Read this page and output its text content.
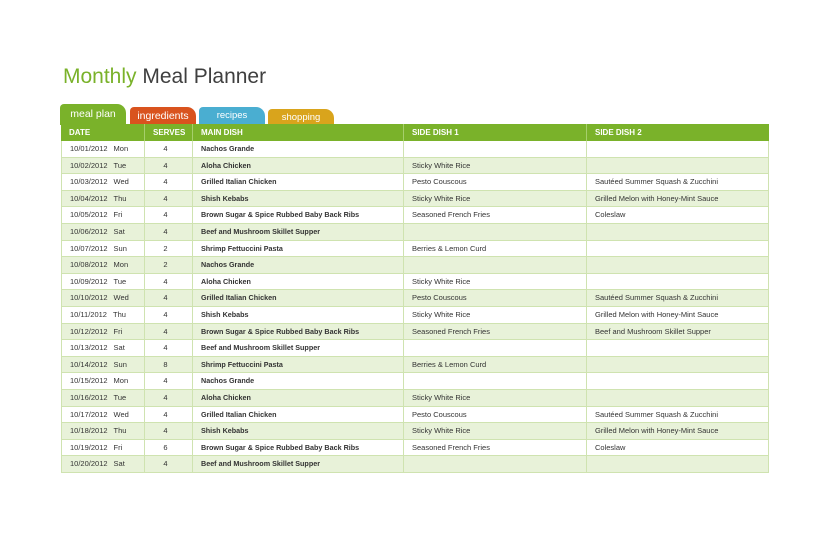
Monthly Meal Planner
meal plan	ingredients	recipes	shopping
DATE	SERVES	MAIN DISH	SIDE DISH 1	SIDE DISH 2
10/01/2012 Mon	4	Nachos Grande
10/02/2012 Tue	4	Aloha Chicken	Sticky White Rice
10/03/2012 Wed	4	Grilled Italian Chicken	Pesto Couscous	Sautéed Summer Squash & Zucchini
10/04/2012 Thu	4	Shish Kebabs	Sticky White Rice	Grilled Melon with Honey-Mint Sauce
10/05/2012 Fri	4	Brown Sugar & Spice Rubbed Baby Back Ribs	Seasoned French Fries	Coleslaw
10/06/2012 Sat	4	Beef and Mushroom Skillet Supper
10/07/2012 Sun	2	Shrimp Fettuccini Pasta	Berries & Lemon Curd
10/08/2012 Mon	2	Nachos Grande
10/09/2012 Tue	4	Aloha Chicken	Sticky White Rice
10/10/2012 Wed	4	Grilled Italian Chicken	Pesto Couscous	Sautéed Summer Squash & Zucchini
10/11/2012 Thu	4	Shish Kebabs	Sticky White Rice	Grilled Melon with Honey-Mint Sauce
10/12/2012 Fri	4	Brown Sugar & Spice Rubbed Baby Back Ribs	Seasoned French Fries	Beef and Mushroom Skillet Supper
10/13/2012 Sat	4	Beef and Mushroom Skillet Supper
10/14/2012 Sun	8	Shrimp Fettuccini Pasta	Berries & Lemon Curd
10/15/2012 Mon	4	Nachos Grande
10/16/2012 Tue	4	Aloha Chicken	Sticky White Rice
10/17/2012 Wed	4	Grilled Italian Chicken	Pesto Couscous	Sautéed Summer Squash & Zucchini
10/18/2012 Thu	4	Shish Kebabs	Sticky White Rice	Grilled Melon with Honey-Mint Sauce
10/19/2012 Fri	6	Brown Sugar & Spice Rubbed Baby Back Ribs	Seasoned French Fries	Coleslaw
10/20/2012 Sat	4	Beef and Mushroom Skillet Supper
